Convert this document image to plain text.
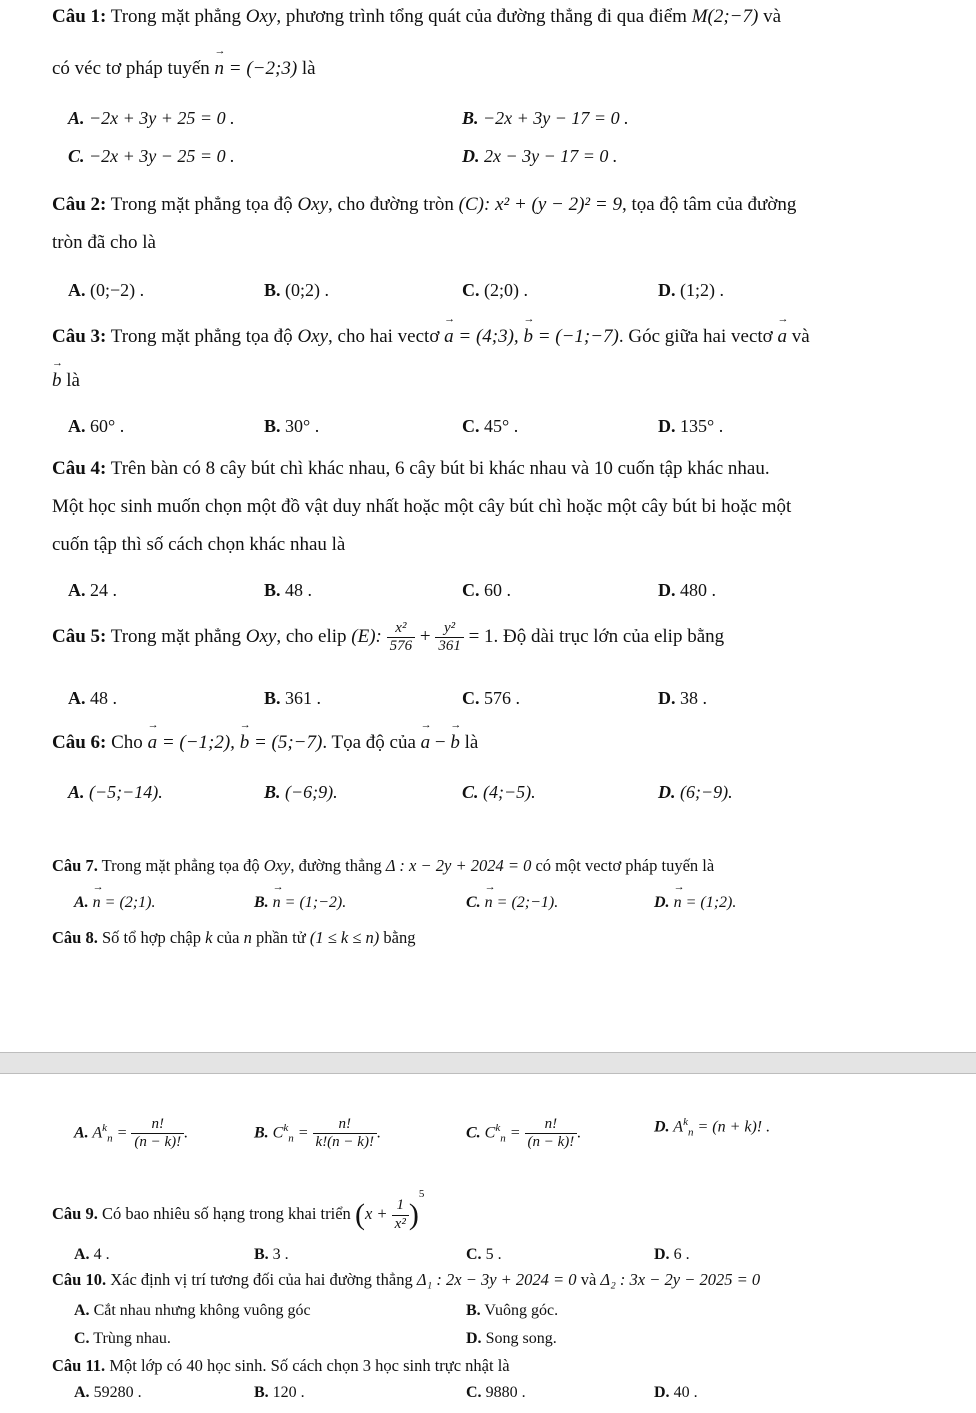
Câu 1: Trong mặt phẳng Oxy, phương trình tổng quát của đường thẳng đi qua điểm M(2;−7) và
có véc tơ pháp tuyến → n = (−2;3) là
A. −2x + 3y + 25 = 0 .	B. −2x + 3y − 17 = 0 .
C. −2x + 3y − 25 = 0 .	D. 2x − 3y − 17 = 0 .
Câu 2: Trong mặt phẳng tọa độ Oxy, cho đường tròn (C): x² + (y − 2)² = 9, tọa độ tâm của đường
tròn đã cho là
A. (0;−2) .	B. (0;2) .	C. (2;0) .	D. (1;2) .
Câu 3: Trong mặt phẳng tọa độ Oxy, cho hai vectơ → a = (4;3), → b = (−1;−7). Góc giữa hai vectơ → a và
→ b là
A. 60° .	B. 30° .	C. 45° .	D. 135° .
Câu 4: Trên bàn có 8 cây bút chì khác nhau, 6 cây bút bi khác nhau và 10 cuốn tập khác nhau.
Một học sinh muốn chọn một đồ vật duy nhất hoặc một cây bút chì hoặc một cây bút bi hoặc một
cuốn tập thì số cách chọn khác nhau là
A. 24 .	B. 48 .	C. 60 .	D. 480 .
Câu 5: Trong mặt phẳng Oxy, cho elip (E): $\frac{\text{x²}}{576} + \frac{\text{y²}}{361} = 1$. Độ dài trục lớn của elip bằng
A. 48 .	B. 361 .	C. 576 .	D. 38 .
Câu 6: Cho → a = (−1;2), → b = (5;−7). Tọa độ của → a − → b là
A. (−5;−14).	B. (−6;9).	C. (4;−5).	D. (6;−9).
Câu 7. Trong mặt phẳng tọa độ Oxy, đường thẳng Δ : x − 2y + 2024 = 0 có một vectơ pháp tuyến là
A. → n = (2;1).	B. → n = (1;−2).	C. → n = (2;−1).	D. → n = (1;2).
Câu 8. Số tổ hợp chập k của n phần tử (1 ≤ k ≤ n) bằng
A. $A^k_n = \frac{n!}{(n - k)!}$ .	B. $C^k_n = \frac{n!}{k!(n - k)!}$ .	C. $C^k_n = \frac{n!}{(n - k)!}$ .	D. $A^k_n = (n + k)$! .
Câu 9. Có bao nhiêu số hạng trong khai triển $(x + \frac{1}{\text{x²}} )^5$
A. 4 .	B. 3 .	C. 5 .	D. 6 .
Câu 10. Xác định vị trí tương đối của hai đường thẳng Δ₁ : 2x − 3y + 2024 = 0 và Δ₂ : 3x − 2y − 2025 = 0
A. Cắt nhau nhưng không vuông góc	B. Vuông góc.
C. Trùng nhau.	D. Song song.
Câu 11. Một lớp có 40 học sinh. Số cách chọn 3 học sinh trực nhật là
A. 59280 .	B. 120 .	C. 9880 .	D. 40 .
